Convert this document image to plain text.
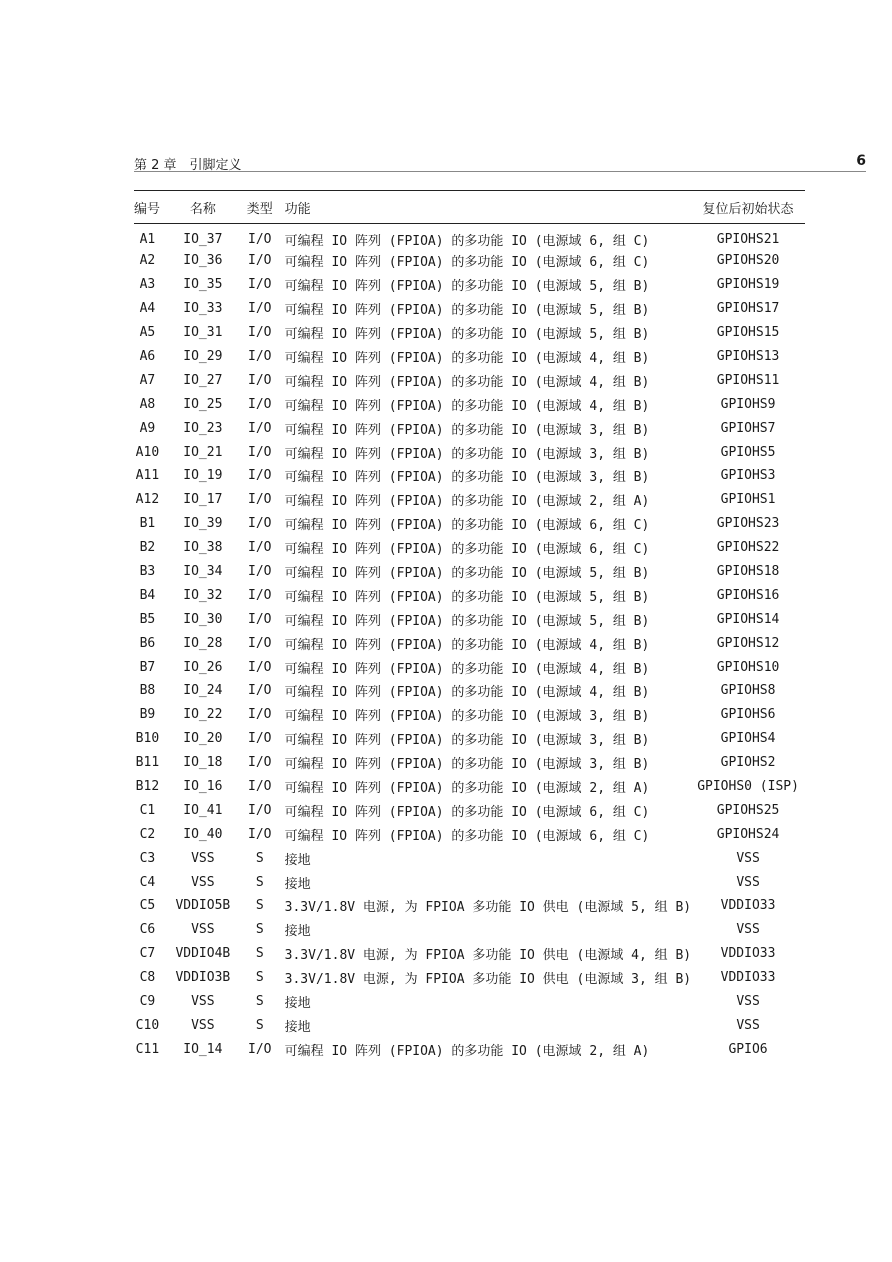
第 2 章　引脚定义	6
编号	名称	类型	功能	复位后初始状态
A1	IO_37	I/O	可编程 IO 阵列 (FPIOA) 的多功能 IO (电源域 6, 组 C)	GPIOHS21
A2	IO_36	I/O	可编程 IO 阵列 (FPIOA) 的多功能 IO (电源域 6, 组 C)	GPIOHS20
A3	IO_35	I/O	可编程 IO 阵列 (FPIOA) 的多功能 IO (电源域 5, 组 B)	GPIOHS19
A4	IO_33	I/O	可编程 IO 阵列 (FPIOA) 的多功能 IO (电源域 5, 组 B)	GPIOHS17
A5	IO_31	I/O	可编程 IO 阵列 (FPIOA) 的多功能 IO (电源域 5, 组 B)	GPIOHS15
A6	IO_29	I/O	可编程 IO 阵列 (FPIOA) 的多功能 IO (电源域 4, 组 B)	GPIOHS13
A7	IO_27	I/O	可编程 IO 阵列 (FPIOA) 的多功能 IO (电源域 4, 组 B)	GPIOHS11
A8	IO_25	I/O	可编程 IO 阵列 (FPIOA) 的多功能 IO (电源域 4, 组 B)	GPIOHS9
A9	IO_23	I/O	可编程 IO 阵列 (FPIOA) 的多功能 IO (电源域 3, 组 B)	GPIOHS7
A10	IO_21	I/O	可编程 IO 阵列 (FPIOA) 的多功能 IO (电源域 3, 组 B)	GPIOHS5
A11	IO_19	I/O	可编程 IO 阵列 (FPIOA) 的多功能 IO (电源域 3, 组 B)	GPIOHS3
A12	IO_17	I/O	可编程 IO 阵列 (FPIOA) 的多功能 IO (电源域 2, 组 A)	GPIOHS1
B1	IO_39	I/O	可编程 IO 阵列 (FPIOA) 的多功能 IO (电源域 6, 组 C)	GPIOHS23
B2	IO_38	I/O	可编程 IO 阵列 (FPIOA) 的多功能 IO (电源域 6, 组 C)	GPIOHS22
B3	IO_34	I/O	可编程 IO 阵列 (FPIOA) 的多功能 IO (电源域 5, 组 B)	GPIOHS18
B4	IO_32	I/O	可编程 IO 阵列 (FPIOA) 的多功能 IO (电源域 5, 组 B)	GPIOHS16
B5	IO_30	I/O	可编程 IO 阵列 (FPIOA) 的多功能 IO (电源域 5, 组 B)	GPIOHS14
B6	IO_28	I/O	可编程 IO 阵列 (FPIOA) 的多功能 IO (电源域 4, 组 B)	GPIOHS12
B7	IO_26	I/O	可编程 IO 阵列 (FPIOA) 的多功能 IO (电源域 4, 组 B)	GPIOHS10
B8	IO_24	I/O	可编程 IO 阵列 (FPIOA) 的多功能 IO (电源域 4, 组 B)	GPIOHS8
B9	IO_22	I/O	可编程 IO 阵列 (FPIOA) 的多功能 IO (电源域 3, 组 B)	GPIOHS6
B10	IO_20	I/O	可编程 IO 阵列 (FPIOA) 的多功能 IO (电源域 3, 组 B)	GPIOHS4
B11	IO_18	I/O	可编程 IO 阵列 (FPIOA) 的多功能 IO (电源域 3, 组 B)	GPIOHS2
B12	IO_16	I/O	可编程 IO 阵列 (FPIOA) 的多功能 IO (电源域 2, 组 A)	GPIOHS0 (ISP)
C1	IO_41	I/O	可编程 IO 阵列 (FPIOA) 的多功能 IO (电源域 6, 组 C)	GPIOHS25
C2	IO_40	I/O	可编程 IO 阵列 (FPIOA) 的多功能 IO (电源域 6, 组 C)	GPIOHS24
C3	VSS	S	接地	VSS
C4	VSS	S	接地	VSS
C5	VDDIO5B	S	3.3V/1.8V 电源, 为 FPIOA 多功能 IO 供电 (电源域 5, 组 B)	VDDIO33
C6	VSS	S	接地	VSS
C7	VDDIO4B	S	3.3V/1.8V 电源, 为 FPIOA 多功能 IO 供电 (电源域 4, 组 B)	VDDIO33
C8	VDDIO3B	S	3.3V/1.8V 电源, 为 FPIOA 多功能 IO 供电 (电源域 3, 组 B)	VDDIO33
C9	VSS	S	接地	VSS
C10	VSS	S	接地	VSS
C11	IO_14	I/O	可编程 IO 阵列 (FPIOA) 的多功能 IO (电源域 2, 组 A)	GPIO6
